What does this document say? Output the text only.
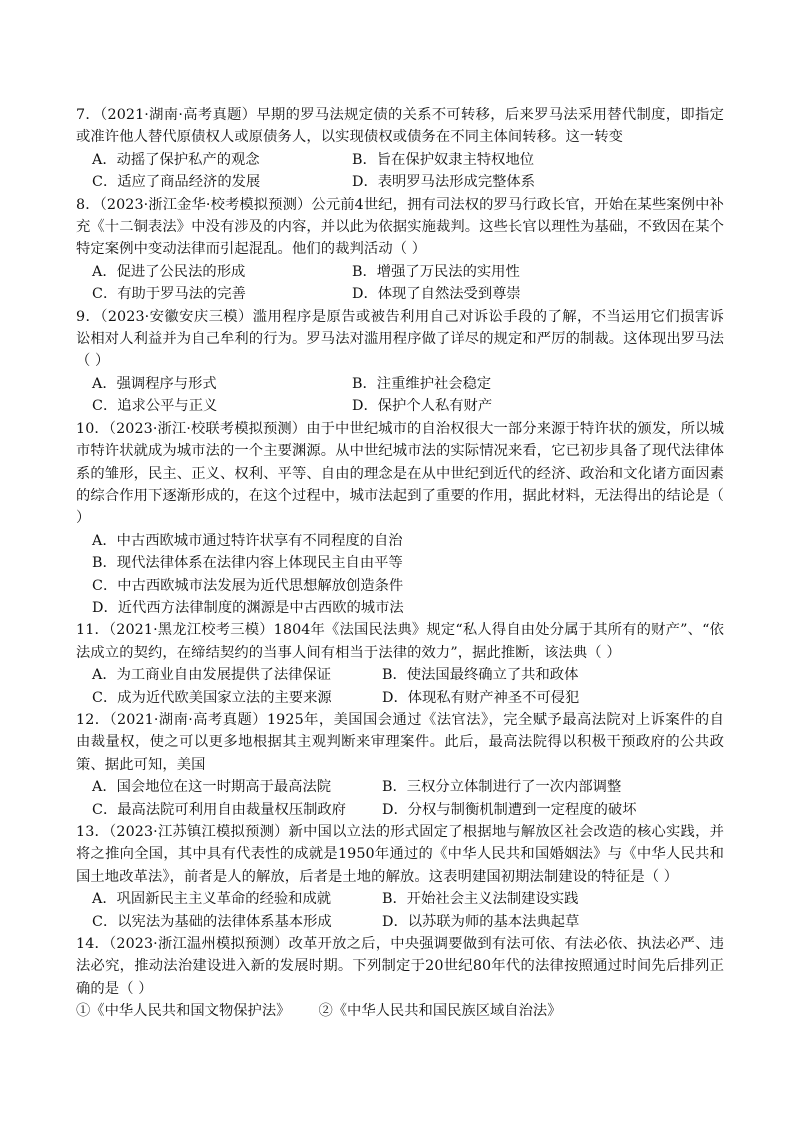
7．（2021·湖南·高考真题）早期的罗马法规定债的关系不可转移，后来罗马法采用替代制度，即指定或准许他人替代原债权人或原债务人，以实现债权或债务在不同主体间转移。这一转变
A．动摇了保护私产的观念	B．旨在保护奴隶主特权地位
C．适应了商品经济的发展	D．表明罗马法形成完整体系
8．（2023·浙江金华·校考模拟预测）公元前4世纪，拥有司法权的罗马行政长官，开始在某些案例中补充《十二铜表法》中没有涉及的内容，并以此为依据实施裁判。这些长官以理性为基础，不致因在某个特定案例中变动法律而引起混乱。他们的裁判活动（ ）
A．促进了公民法的形成	B．增强了万民法的实用性
C．有助于罗马法的完善	D．体现了自然法受到尊崇
9．（2023·安徽安庆三模）滥用程序是原告或被告利用自己对诉讼手段的了解，不当运用它们损害诉讼相对人利益并为自己牟利的行为。罗马法对滥用程序做了详尽的规定和严厉的制裁。这体现出罗马法（ ）
A．强调程序与形式	B．注重维护社会稳定
C．追求公平与正义	D．保护个人私有财产
10．（2023·浙江·校联考模拟预测）由于中世纪城市的自治权很大一部分来源于特许状的颁发，所以城市特许状就成为城市法的一个主要渊源。从中世纪城市法的实际情况来看，它已初步具备了现代法律体系的雏形，民主、正义、权利、平等、自由的理念是在从中世纪到近代的经济、政治和文化诸方面因素的综合作用下逐渐形成的，在这个过程中，城市法起到了重要的作用，据此材料，无法得出的结论是（ ）
A．中古西欧城市通过特许状享有不同程度的自治
B．现代法律体系在法律内容上体现民主自由平等
C．中古西欧城市法发展为近代思想解放创造条件
D．近代西方法律制度的渊源是中古西欧的城市法
11．（2021·黑龙江校考三模）1804年《法国民法典》规定“私人得自由处分属于其所有的财产”、“依法成立的契约，在缔结契约的当事人间有相当于法律的效力”，据此推断，该法典（ ）
A．为工商业自由发展提供了法律保证	B．使法国最终确立了共和政体
C．成为近代欧美国家立法的主要来源	D．体现私有财产神圣不可侵犯
12．（2021·湖南·高考真题）1925年，美国国会通过《法官法》，完全赋予最高法院对上诉案件的自由裁量权，使之可以更多地根据其主观判断来审理案件。此后，最高法院得以积极干预政府的公共政策、据此可知，美国
A．国会地位在这一时期高于最高法院	B．三权分立体制进行了一次内部调整
C．最高法院可利用自由裁量权压制政府	D．分权与制衡机制遭到一定程度的破坏
13．（2023·江苏镇江模拟预测）新中国以立法的形式固定了根据地与解放区社会改造的核心实践，并将之推向全国，其中具有代表性的成就是1950年通过的《中华人民共和国婚姻法》与《中华人民共和国土地改革法》，前者是人的解放，后者是土地的解放。这表明建国初期法制建设的特征是（ ）
A．巩固新民主主义革命的经验和成就	B．开始社会主义法制建设实践
C．以宪法为基础的法律体系基本形成	D．以苏联为师的基本法典起草
14．（2023·浙江温州模拟预测）改革开放之后，中央强调要做到有法可依、有法必依、执法必严、违法必究，推动法治建设进入新的发展时期。下列制定于20世纪80年代的法律按照通过时间先后排列正确的是（ ）
①《中华人民共和国文物保护法》 ②《中华人民共和国民族区域自治法》
